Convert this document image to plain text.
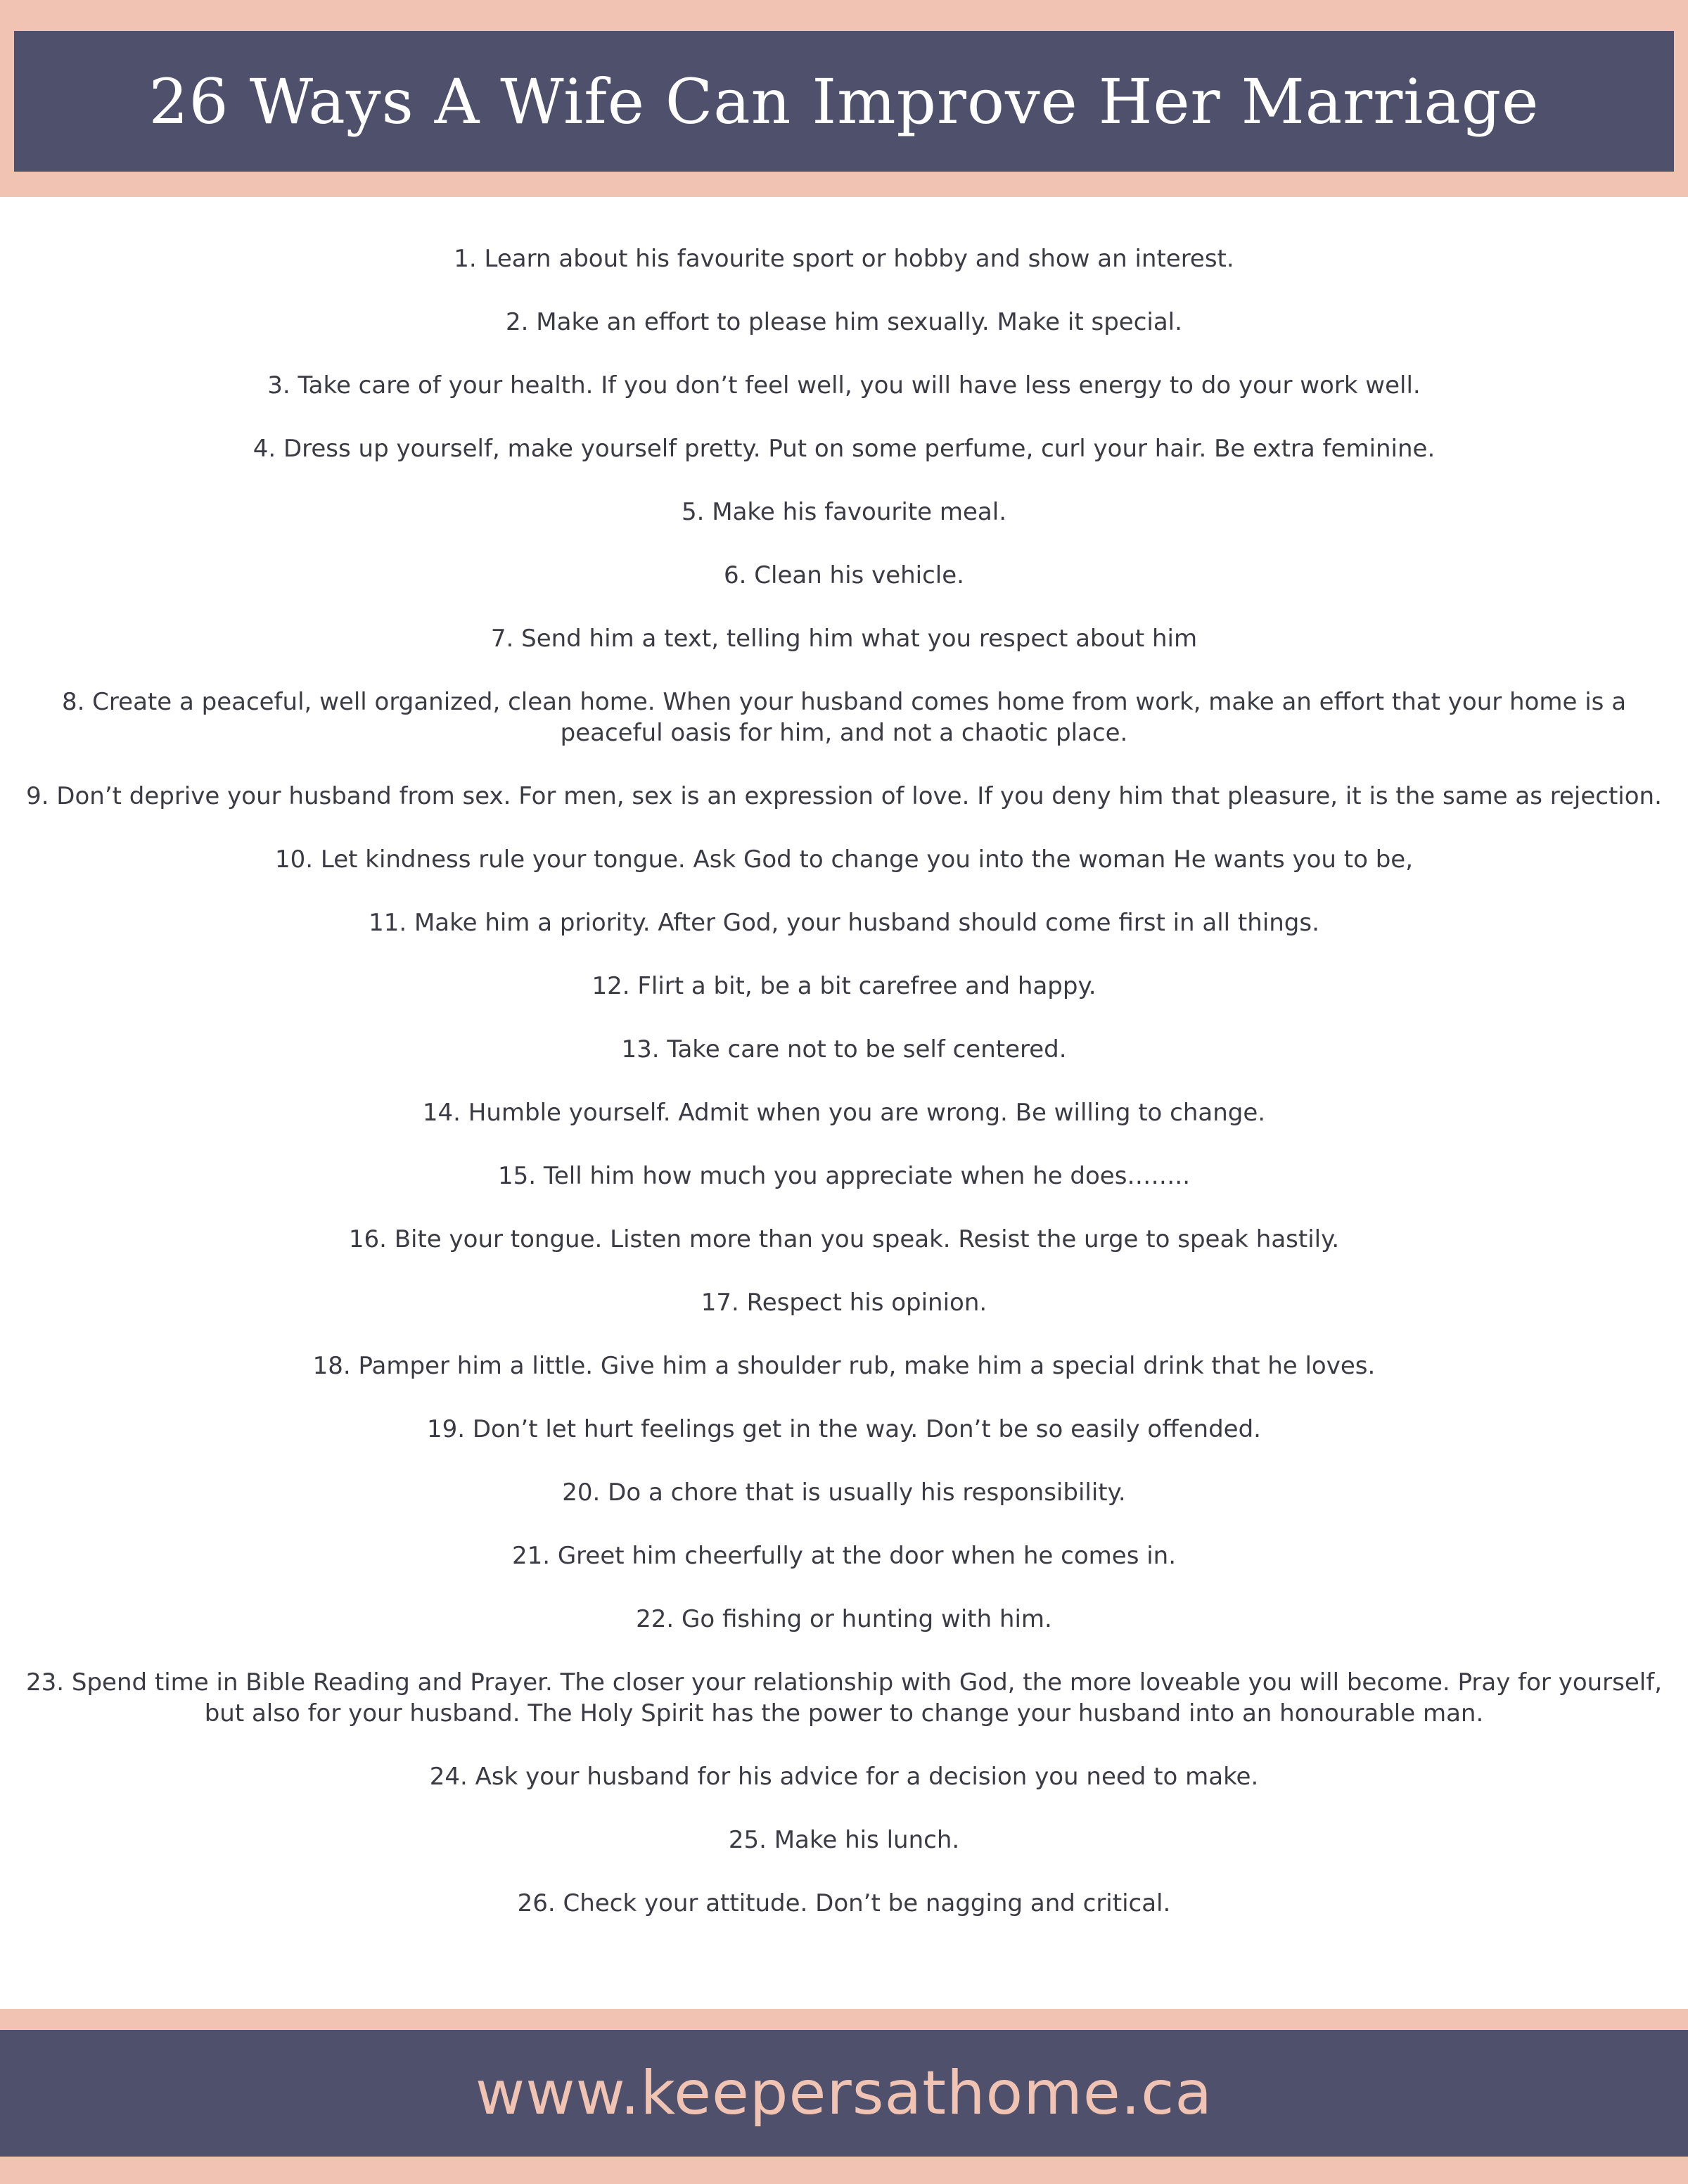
26 Ways A Wife Can Improve Her Marriage
1. Learn about his favourite sport or hobby and show an interest.
2. Make an effort to please him sexually. Make it special.
3. Take care of your health. If you don’t feel well, you will have less energy to do your work well.
4. Dress up yourself, make yourself pretty. Put on some perfume, curl your hair. Be extra feminine.
5. Make his favourite meal.
6. Clean his vehicle.
7. Send him a text, telling him what you respect about him
8. Create a peaceful, well organized, clean home. When your husband comes home from work, make an effort that your home is a peaceful oasis for him, and not a chaotic place.
9. Don’t deprive your husband from sex. For men, sex is an expression of love. If you deny him that pleasure, it is the same as rejection.
10. Let kindness rule your tongue. Ask God to change you into the woman He wants you to be,
11. Make him a priority. After God, your husband should come first in all things.
12. Flirt a bit, be a bit carefree and happy.
13. Take care not to be self centered.
14. Humble yourself. Admit when you are wrong. Be willing to change.
15. Tell him how much you appreciate when he does……..
16. Bite your tongue. Listen more than you speak. Resist the urge to speak hastily.
17. Respect his opinion.
18. Pamper him a little. Give him a shoulder rub, make him a special drink that he loves.
19. Don’t let hurt feelings get in the way. Don’t be so easily offended.
20. Do a chore that is usually his responsibility.
21. Greet him cheerfully at the door when he comes in.
22. Go fishing or hunting with him.
23. Spend time in Bible Reading and Prayer. The closer your relationship with God, the more loveable you will become. Pray for yourself, but also for your husband. The Holy Spirit has the power to change your husband into an honourable man.
24. Ask your husband for his advice for a decision you need to make.
25. Make his lunch.
26. Check your attitude. Don’t be nagging and critical.
www.keepersathome.ca
